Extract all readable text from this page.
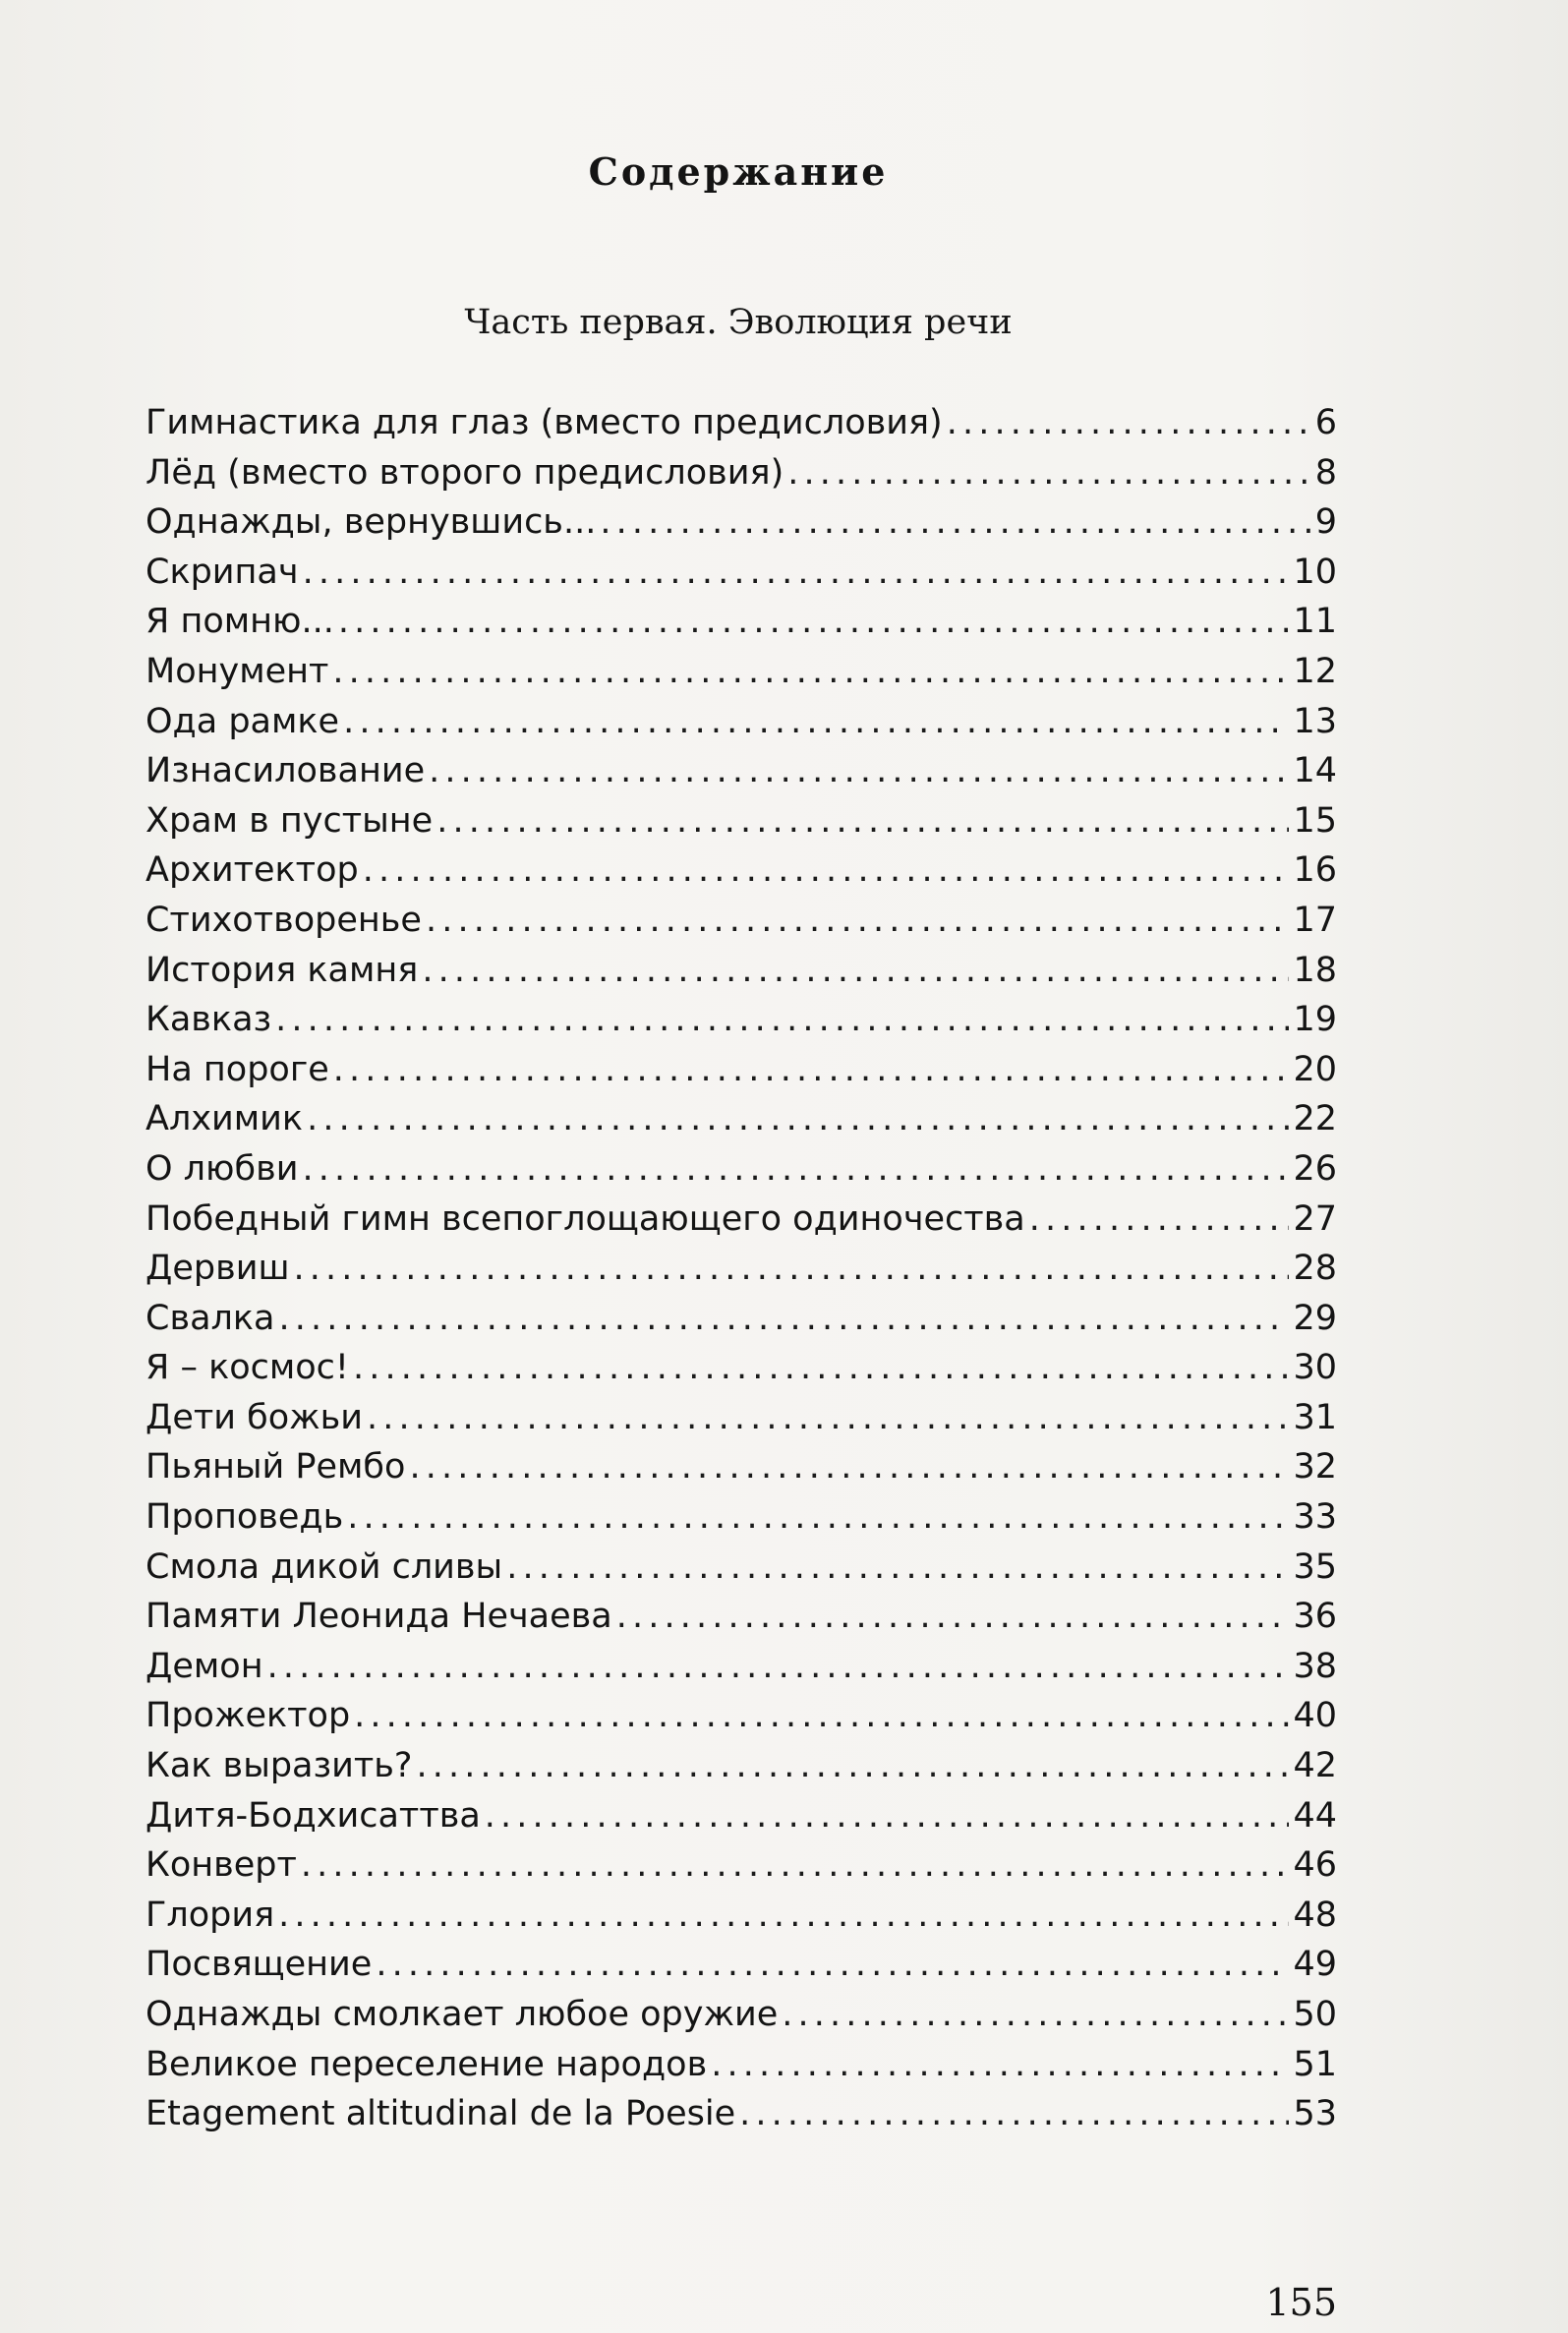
Содержание
Часть первая. Эволюция речи
Гимнастика для глаз (вместо предисловия) . . .	6
Лёд (вместо второго предисловия) . . .	8
Однажды, вернувшись... . . .	9
Скрипач . . .	10
Я помню... . . .	11
Монумент . . .	12
Ода рамке . . .	13
Изнасилование . . .	14
Храм в пустыне . . .	15
Архитектор . . .	16
Стихотворенье . . .	17
История камня . . .	18
Кавказ . . .	19
На пороге . . .	20
Алхимик . . .	22
О любви . . .	26
Победный гимн всепоглощающего одиночества . . .	27
Дервиш . . .	28
Свалка . . .	29
Я – космос! . . .	30
Дети божьи . . .	31
Пьяный Рембо . . .	32
Проповедь . . .	33
Смола дикой сливы . . .	35
Памяти Леонида Нечаева . . .	36
Демон . . .	38
Прожектор . . .	40
Как выразить? . . .	42
Дитя-Бодхисаттва . . .	44
Конверт . . .	46
Глория . . .	48
Посвящение . . .	49
Однажды смолкает любое оружие . . .	50
Великое переселение народов . . .	51
Etagement altitudinal de la Poesie . . .	53
155
